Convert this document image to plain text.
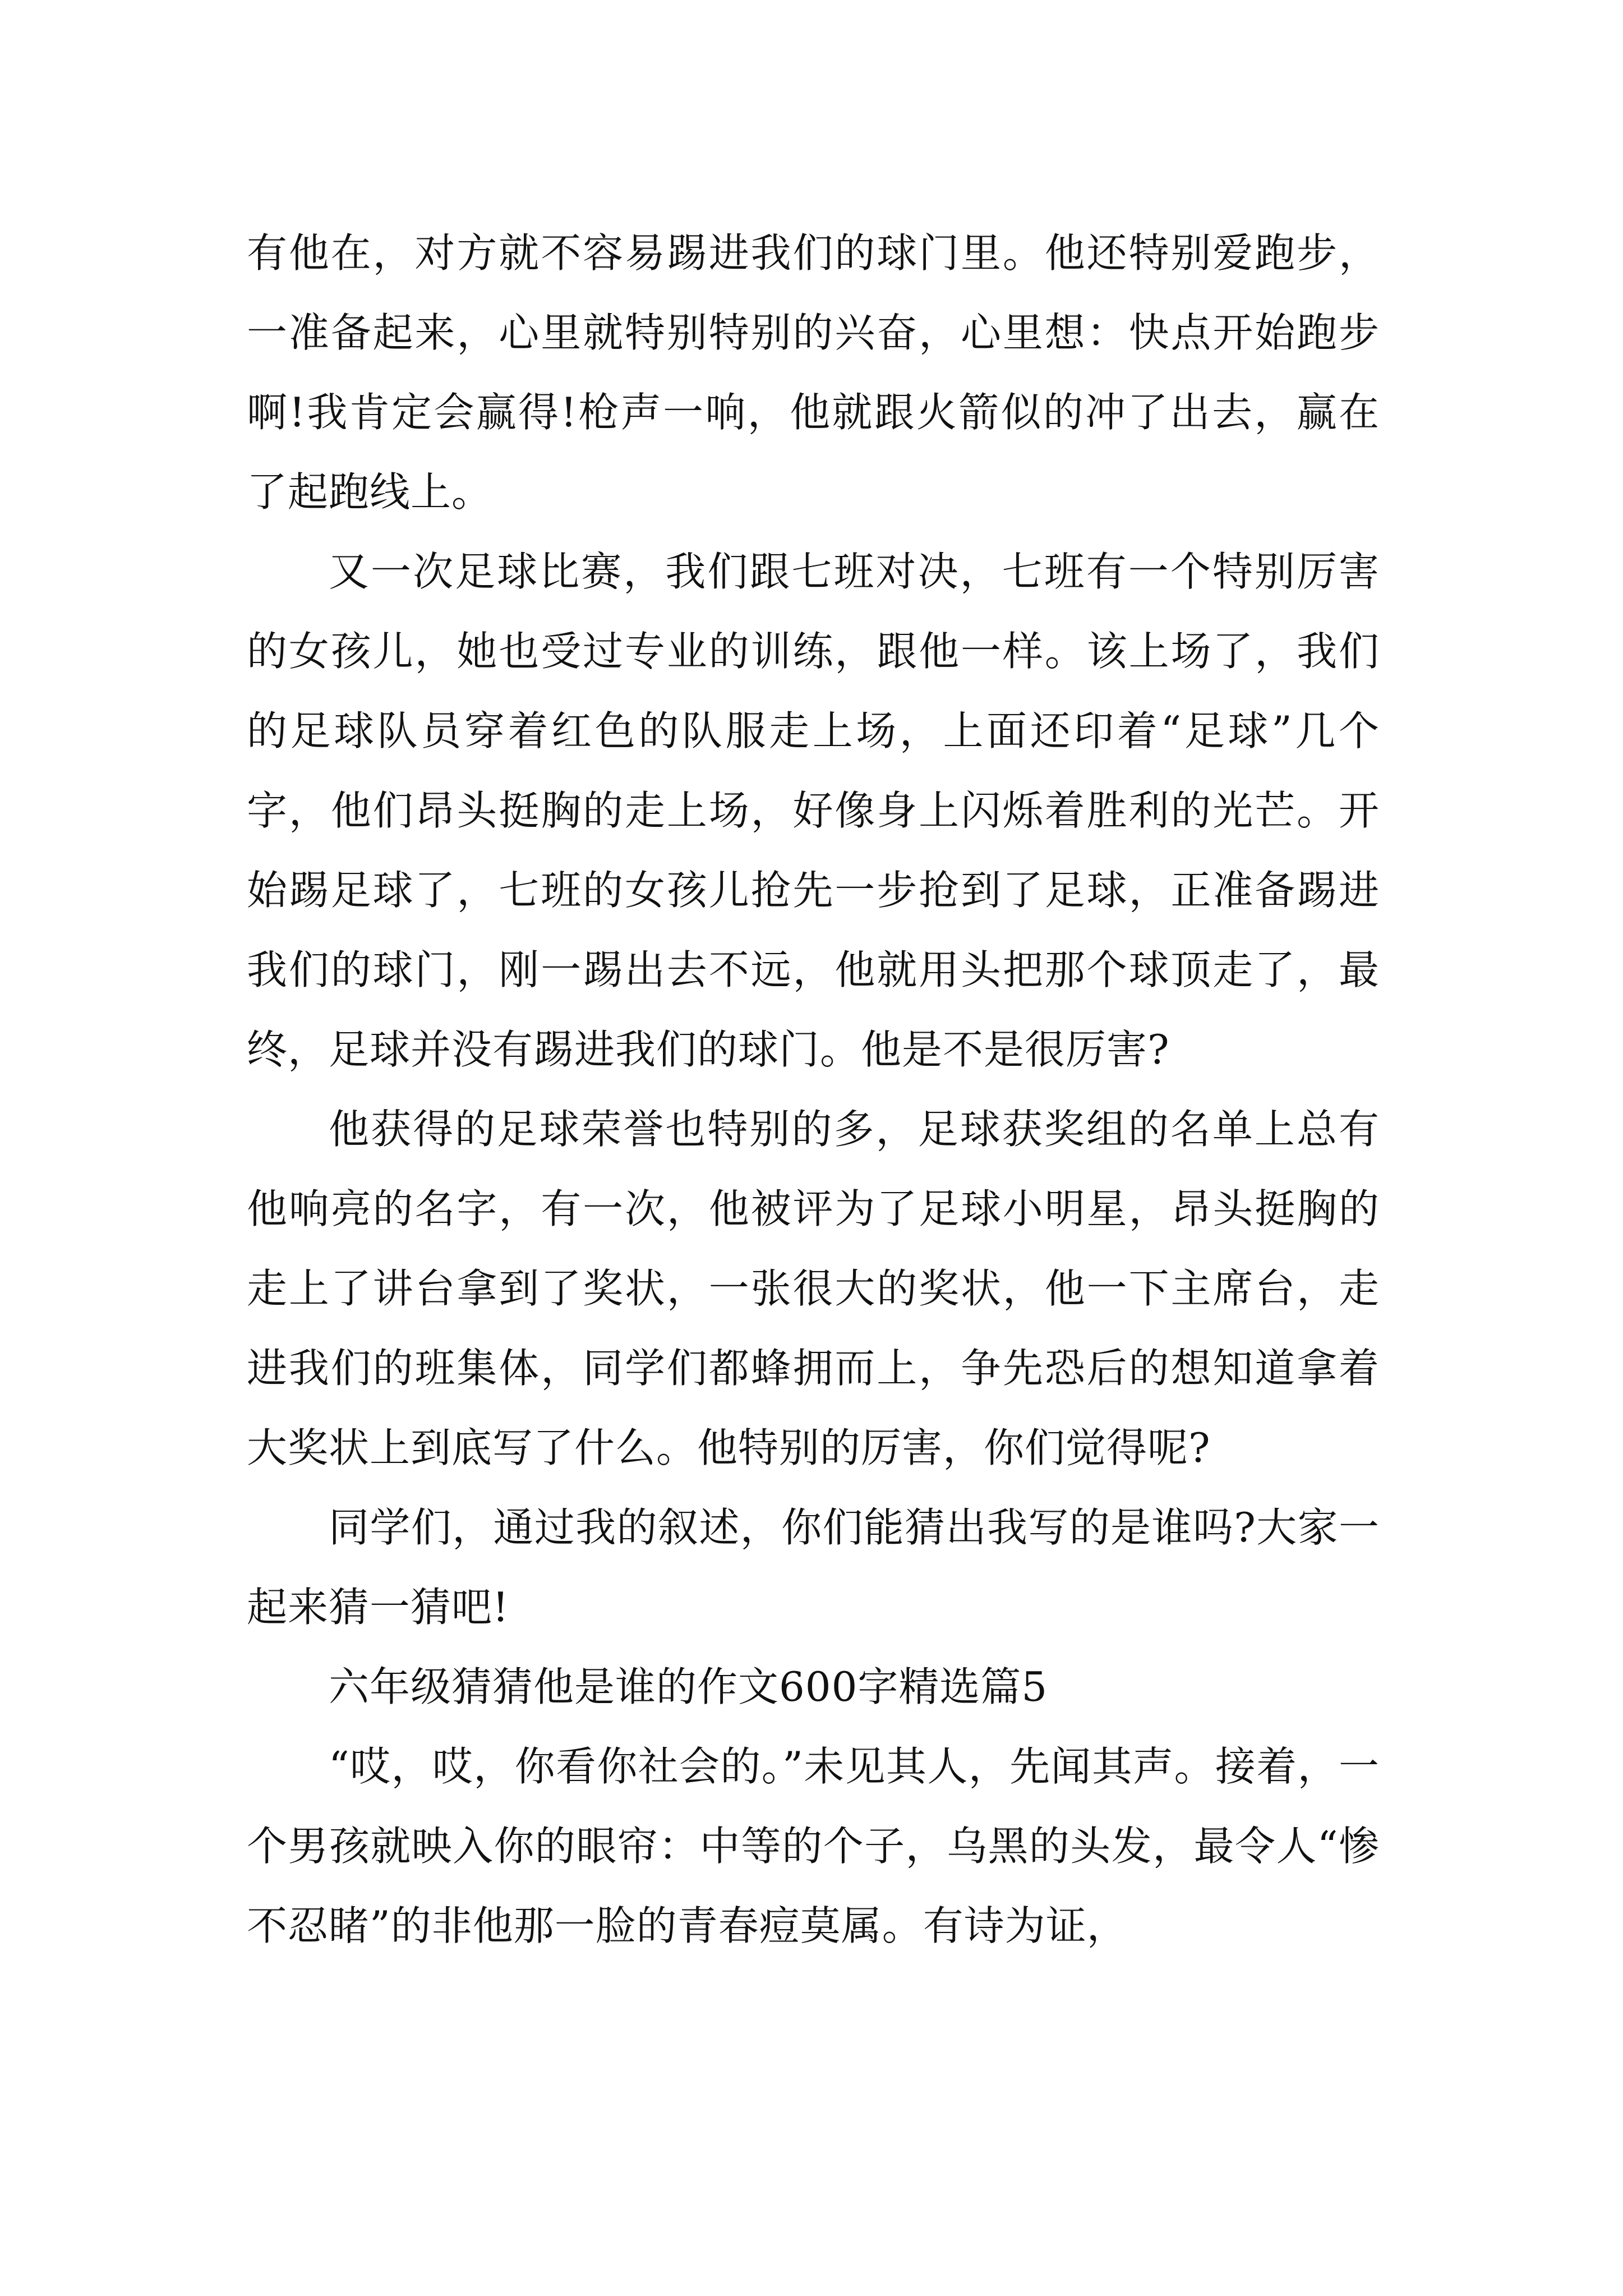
有他在，对方就不容易踢进我们的球门里。他还特别爱跑步，一准备起来，心里就特别特别的兴奋，心里想：快点开始跑步啊!我肯定会赢得!枪声一响，他就跟火箭似的冲了出去，赢在了起跑线上。

又一次足球比赛，我们跟七班对决，七班有一个特别厉害的女孩儿，她也受过专业的训练，跟他一样。该上场了，我们的足球队员穿着红色的队服走上场，上面还印着“足球”几个字，他们昂头挺胸的走上场，好像身上闪烁着胜利的光芒。开始踢足球了，七班的女孩儿抢先一步抢到了足球，正准备踢进我们的球门，刚一踢出去不远，他就用头把那个球顶走了，最终，足球并没有踢进我们的球门。他是不是很厉害?

他获得的足球荣誉也特别的多，足球获奖组的名单上总有他响亮的名字，有一次，他被评为了足球小明星，昂头挺胸的走上了讲台拿到了奖状，一张很大的奖状，他一下主席台，走进我们的班集体，同学们都蜂拥而上，争先恐后的想知道拿着大奖状上到底写了什么。他特别的厉害，你们觉得呢?

同学们，通过我的叙述，你们能猜出我写的是谁吗?大家一起来猜一猜吧!

六年级猜猜他是谁的作文600字精选篇5

“哎，哎，你看你社会的。”未见其人，先闻其声。接着，一个男孩就映入你的眼帘：中等的个子，乌黑的头发，最令人“惨不忍睹”的非他那一脸的青春痘莫属。有诗为证，
